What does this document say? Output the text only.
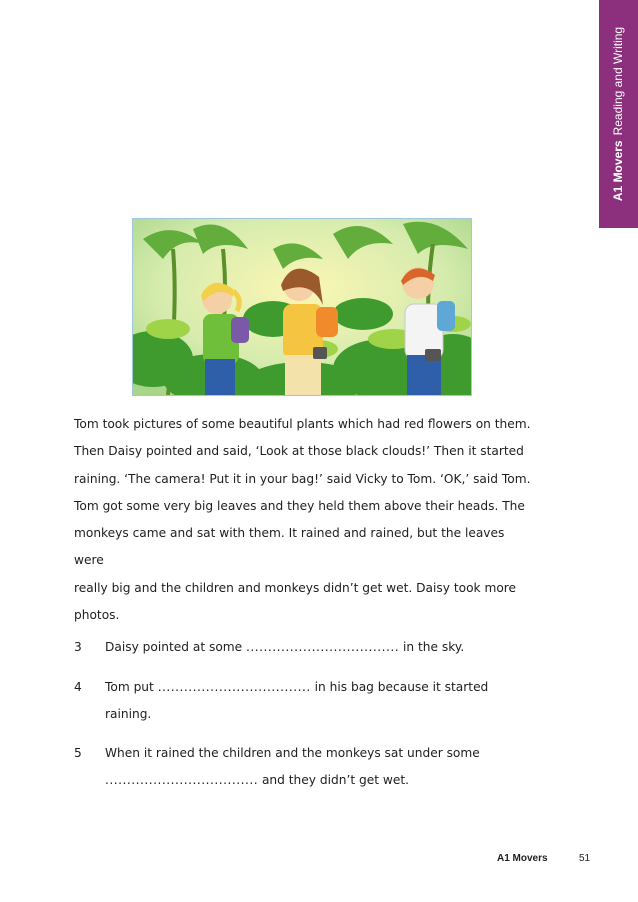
A1 MoversReading and Writing
Tom took pictures of some beautiful plants which had red flowers on them.
Then Daisy pointed and said, ‘Look at those black clouds!’ Then it started
raining. ‘The camera! Put it in your bag!’ said Vicky to Tom. ‘OK,’ said Tom.
Tom got some very big leaves and they held them above their heads. The
monkeys came and sat with them. It rained and rained, but the leaves were
really big and the children and monkeys didn’t get wet. Daisy took more
photos.
3 Daisy pointed at some ................................... in the sky.
4 Tom put ................................... in his bag because it started
raining.
5 When it rained the children and the monkeys sat under some
................................... and they didn’t get wet.
A1 Movers	51
